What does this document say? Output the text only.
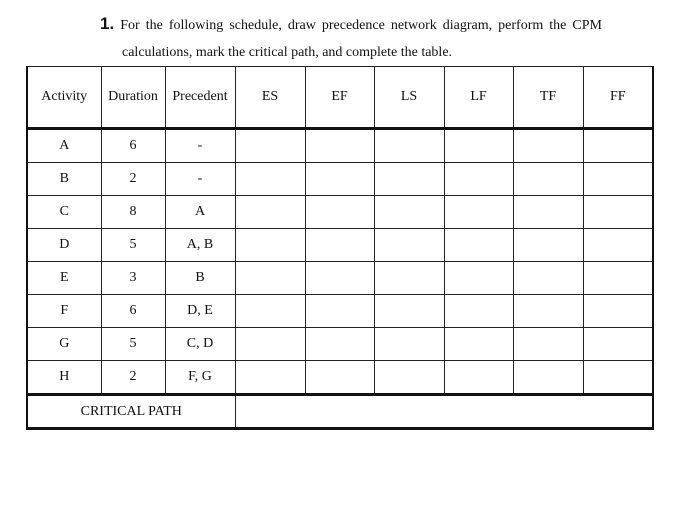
1. For the following schedule, draw precedence network diagram, perform the CPM
calculations, mark the critical path, and complete the table.
Activity	Duration	Precedent	ES	EF	LS	LF	TF	FF
A	6	-						
B	2	-						
C	8	A						
D	5	A, B						
E	3	B						
F	6	D, E						
G	5	C, D						
H	2	F, G						
CRITICAL PATH								
